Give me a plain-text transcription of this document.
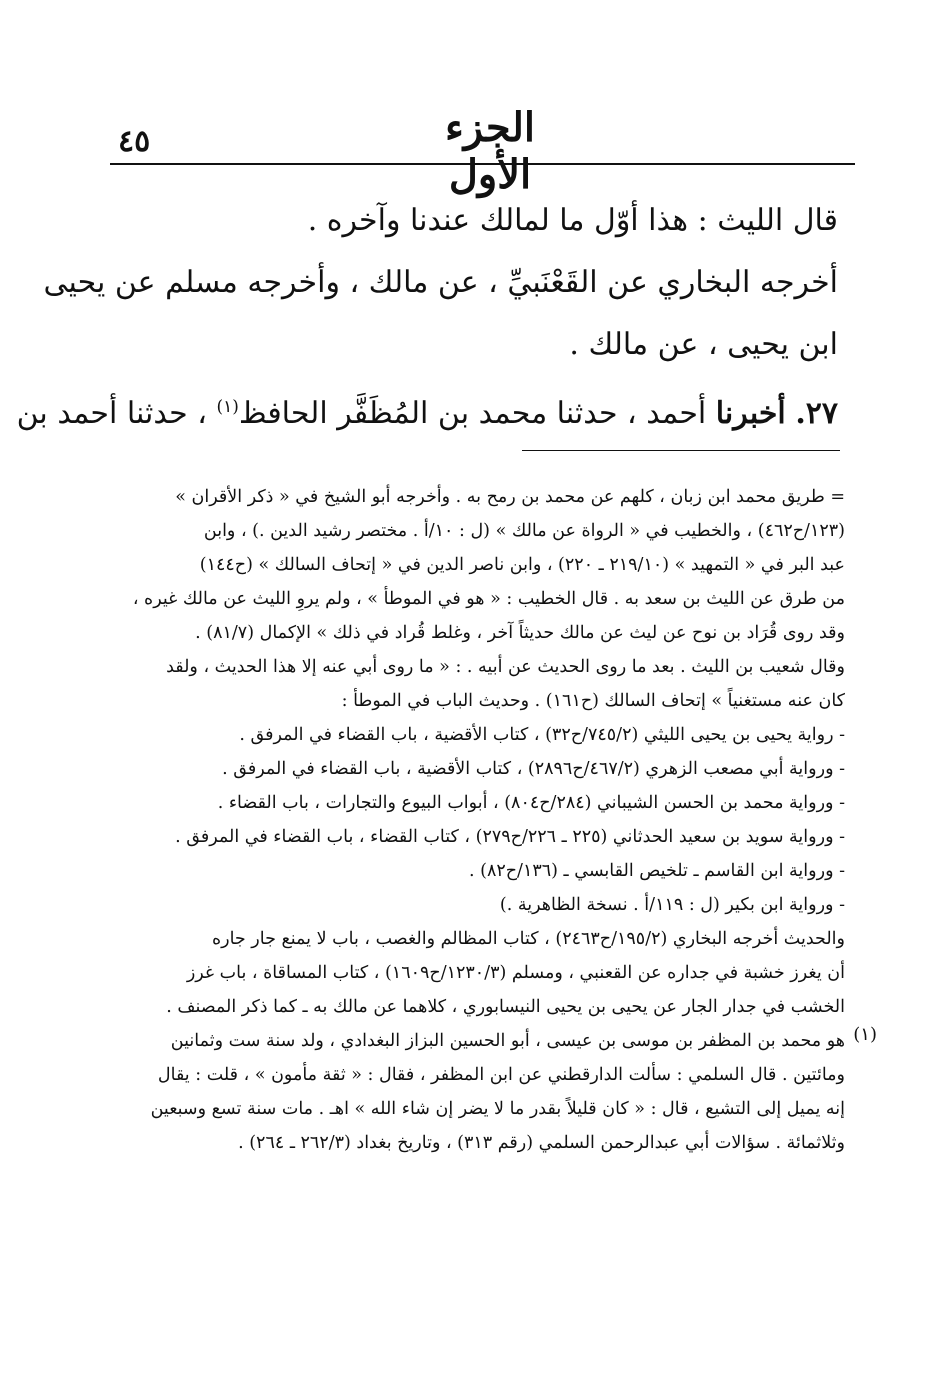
٤٥	الجزء الأول

قال الليث : هذا أوّل ما لمالك عندنا وآخره .

أخرجه البخاري عن القَعْنَبيِّ ، عن مالك ، وأخرجه مسلم عن يحيى

ابن يحيى ، عن مالك .

٢٧. أخبرنا أحمد ، حدثنا محمد بن المُظَفَّر الحافظ$^{(١)}$ ، حدثنا أحمد بن

= طريق محمد ابن زبان ، كلهم عن محمد بن رمح به . وأخرجه أبو الشيخ في « ذكر الأقران »

(١٢٣/ح٤٦٢) ، والخطيب في « الرواة عن مالك » (ل : ١٠/أ . مختصر رشيد الدين .) ، وابن

عبد البر في « التمهيد » (٢١٩/١٠ ـ ٢٢٠) ، وابن ناصر الدين في « إتحاف السالك » (ح١٤٤)

من طرق عن الليث بن سعد به . قال الخطيب : « هو في الموطأ » ، ولم يروِ الليث عن مالك غيره ،

وقد روى قُرَاد بن نوح عن ليث عن مالك حديثاً آخر ، وغلط قُراد في ذلك » الإكمال (٨١/٧) .

وقال شعيب بن الليث . بعد ما روى الحديث عن أبيه . : « ما روى أبي عنه إلا هذا الحديث ، ولقد

كان عنه مستغنياً » إتحاف السالك (ح١٦١) . وحديث الباب في الموطأ :

- رواية يحيى بن يحيى الليثي (٧٤٥/٢/ح٣٢) ، كتاب الأقضية ، باب القضاء في المرفق .

- ورواية أبي مصعب الزهري (٤٦٧/٢/ح٢٨٩٦) ، كتاب الأقضية ، باب القضاء في المرفق .

- ورواية محمد بن الحسن الشيباني (٢٨٤/ح٨٠٤) ، أبواب البيوع والتجارات ، باب القضاء .

- ورواية سويد بن سعيد الحدثاني (٢٢٥ ـ ٢٢٦/ح٢٧٩) ، كتاب القضاء ، باب القضاء في المرفق .

- ورواية ابن القاسم ـ تلخيص القابسي ـ (١٣٦/ح٨٢) .

- ورواية ابن بكير (ل : ١١٩/أ . نسخة الظاهرية .)

والحديث أخرجه البخاري (١٩٥/٢/ح٢٤٦٣) ، كتاب المظالم والغصب ، باب لا يمنع جار جاره

أن يغرز خشبة في جداره عن القعنبي ، ومسلم (١٢٣٠/٣/ح١٦٠٩) ، كتاب المساقاة ، باب غرز

الخشب في جدار الجار عن يحيى بن يحيى النيسابوري ، كلاهما عن مالك به ـ كما ذكر المصنف .

(١)

هو محمد بن المظفر بن موسى بن عيسى ، أبو الحسين البزاز البغدادي ، ولد سنة ست وثمانين

ومائتين . قال السلمي : سألت الدارقطني عن ابن المظفر ، فقال : « ثقة مأمون » ، قلت : يقال

إنه يميل إلى التشيع ، قال : « كان قليلاً بقدر ما لا يضر إن شاء الله » اهـ . مات سنة تسع وسبعين

وثلاثمائة . سؤالات أبي عبدالرحمن السلمي (رقم ٣١٣) ، وتاريخ بغداد (٢٦٢/٣ ـ ٢٦٤) .
